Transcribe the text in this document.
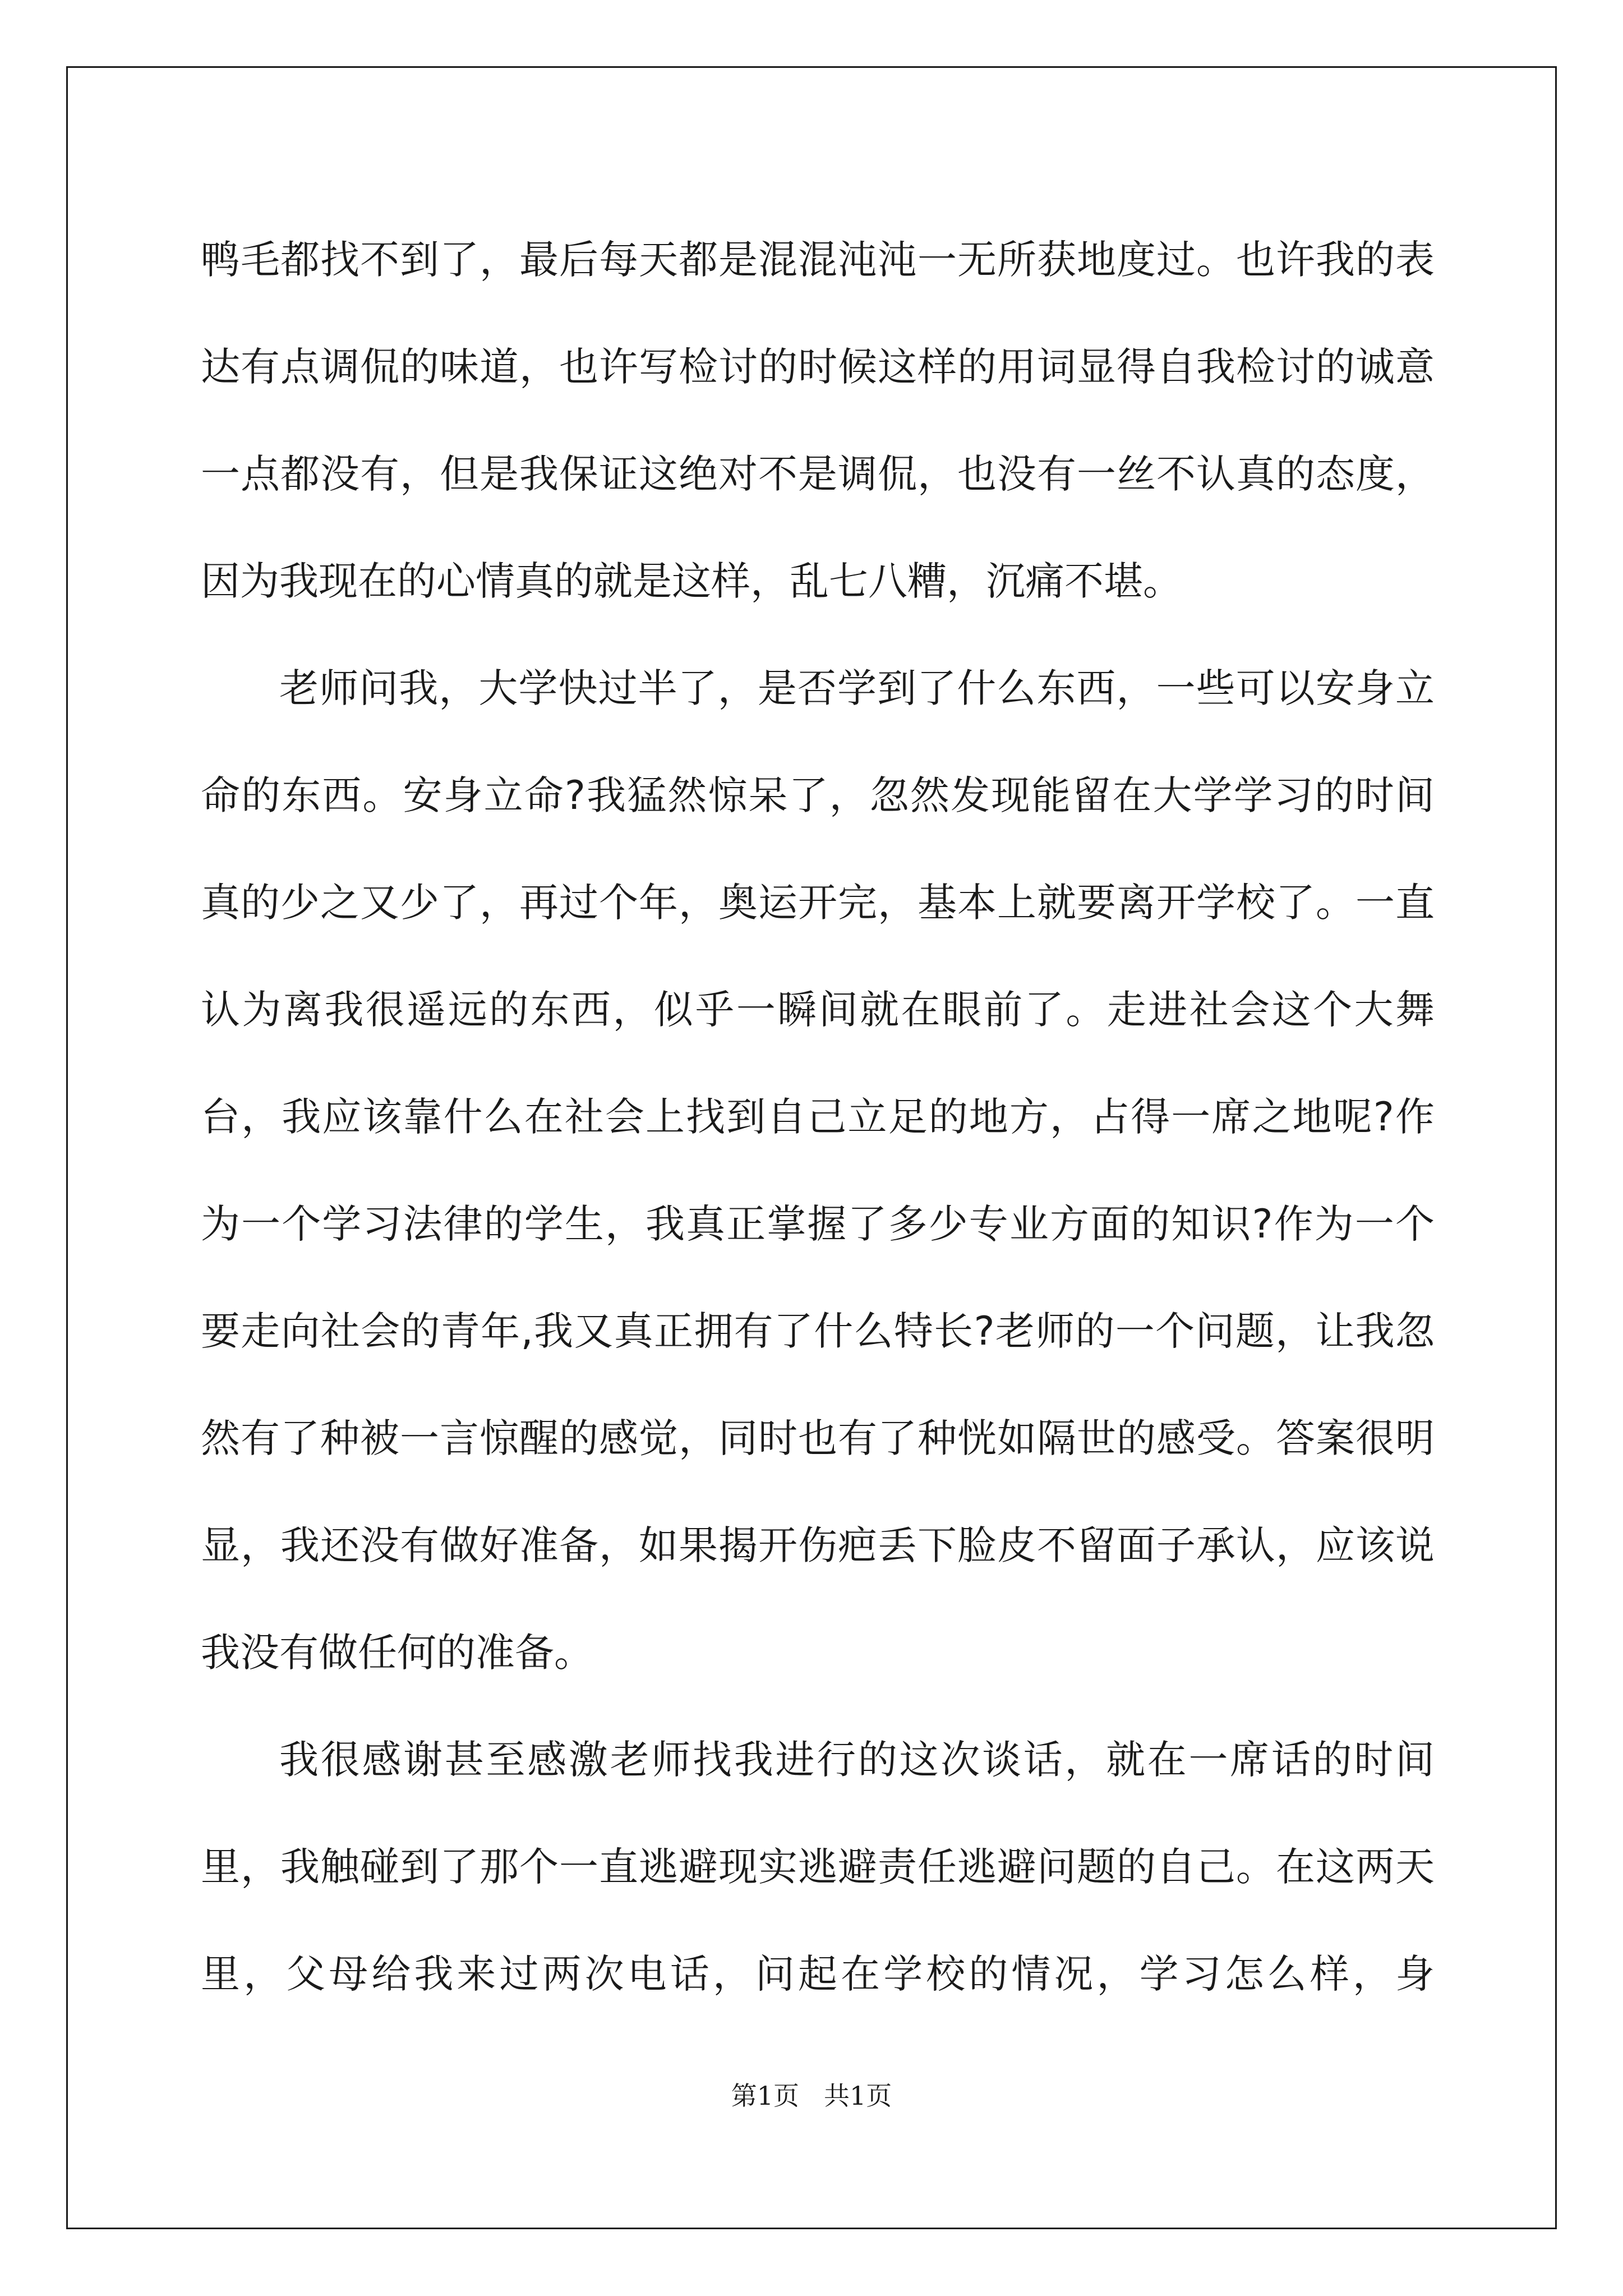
鸭毛都找不到了，最后每天都是混混沌沌一无所获地度过。也许我的表达有点调侃的味道，也许写检讨的时候这样的用词显得自我检讨的诚意一点都没有，但是我保证这绝对不是调侃，也没有一丝不认真的态度，因为我现在的心情真的就是这样，乱七八糟，沉痛不堪。

老师问我，大学快过半了，是否学到了什么东西，一些可以安身立命的东西。安身立命?我猛然惊呆了，忽然发现能留在大学学习的时间真的少之又少了，再过个年，奥运开完，基本上就要离开学校了。一直认为离我很遥远的东西，似乎一瞬间就在眼前了。走进社会这个大舞台，我应该靠什么在社会上找到自己立足的地方，占得一席之地呢?作为一个学习法律的学生，我真正掌握了多少专业方面的知识?作为一个要走向社会的青年,我又真正拥有了什么特长?老师的一个问题，让我忽然有了种被一言惊醒的感觉，同时也有了种恍如隔世的感受。答案很明显，我还没有做好准备，如果揭开伤疤丢下脸皮不留面子承认，应该说我没有做任何的准备。

我很感谢甚至感激老师找我进行的这次谈话，就在一席话的时间里，我触碰到了那个一直逃避现实逃避责任逃避问题的自己。在这两天里，父母给我来过两次电话，问起在学校的情况，学习怎么样，身

第1页 共1页
